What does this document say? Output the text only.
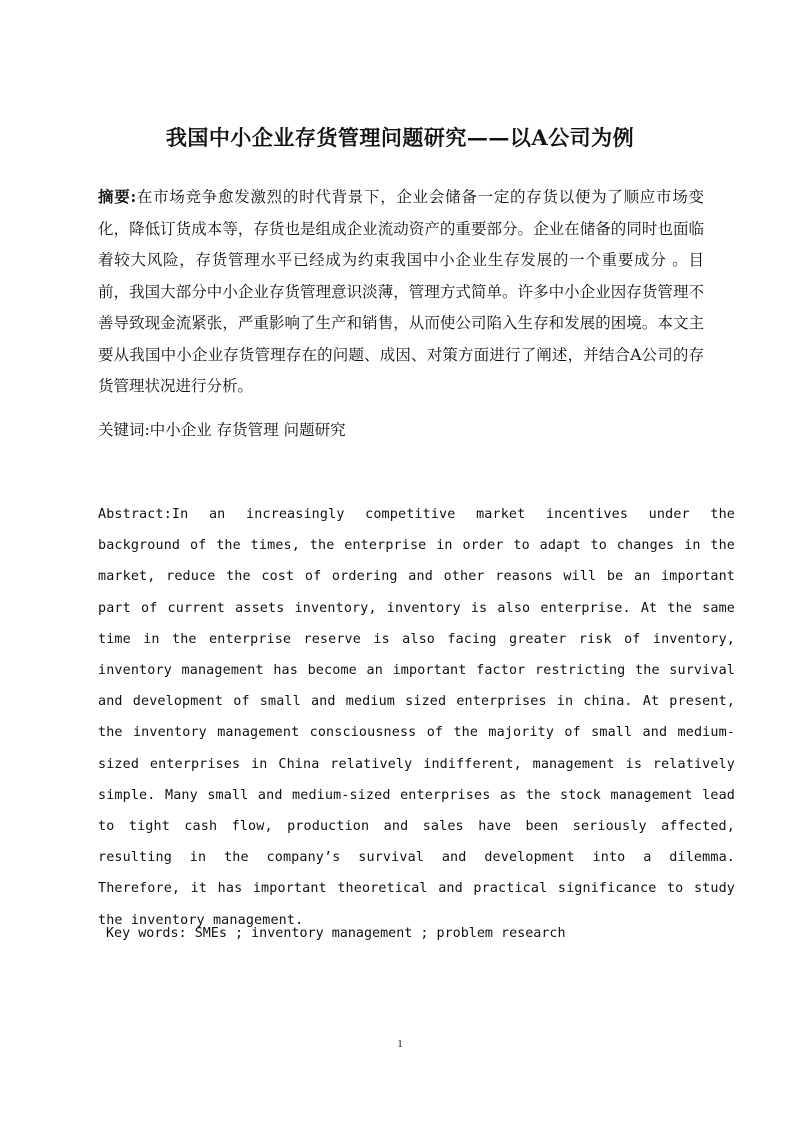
我国中小企业存货管理问题研究——以A公司为例
摘要:在市场竞争愈发激烈的时代背景下，企业会储备一定的存货以便为了顺应市场变化，降低订货成本等，存货也是组成企业流动资产的重要部分。企业在储备的同时也面临着较大风险，存货管理水平已经成为约束我国中小企业生存发展的一个重要成分 。目前，我国大部分中小企业存货管理意识淡薄，管理方式简单。许多中小企业因存货管理不善导致现金流紧张，严重影响了生产和销售，从而使公司陷入生存和发展的困境。本文主要从我国中小企业存货管理存在的问题、成因、对策方面进行了阐述，并结合A公司的存货管理状况进行分析。
关键词:中小企业 存货管理 问题研究
Abstract:In an increasingly competitive market incentives under the background of the times, the enterprise in order to adapt to changes in the market, reduce the cost of ordering and other reasons will be an important part of current assets inventory, inventory is also enterprise. At the same time in the enterprise reserve is also facing greater risk of inventory, inventory management has become an important factor restricting the survival and development of small and medium sized enterprises in china. At present, the inventory management consciousness of the majority of small and medium-sized enterprises in China relatively indifferent, management is relatively simple. Many small and medium-sized enterprises as the stock management lead to tight cash flow, production and sales have been seriously affected, resulting in the company’s survival and development into a dilemma. Therefore, it has important theoretical and practical significance to study the inventory management.
Key words: SMEs ; inventory management ; problem research
1
